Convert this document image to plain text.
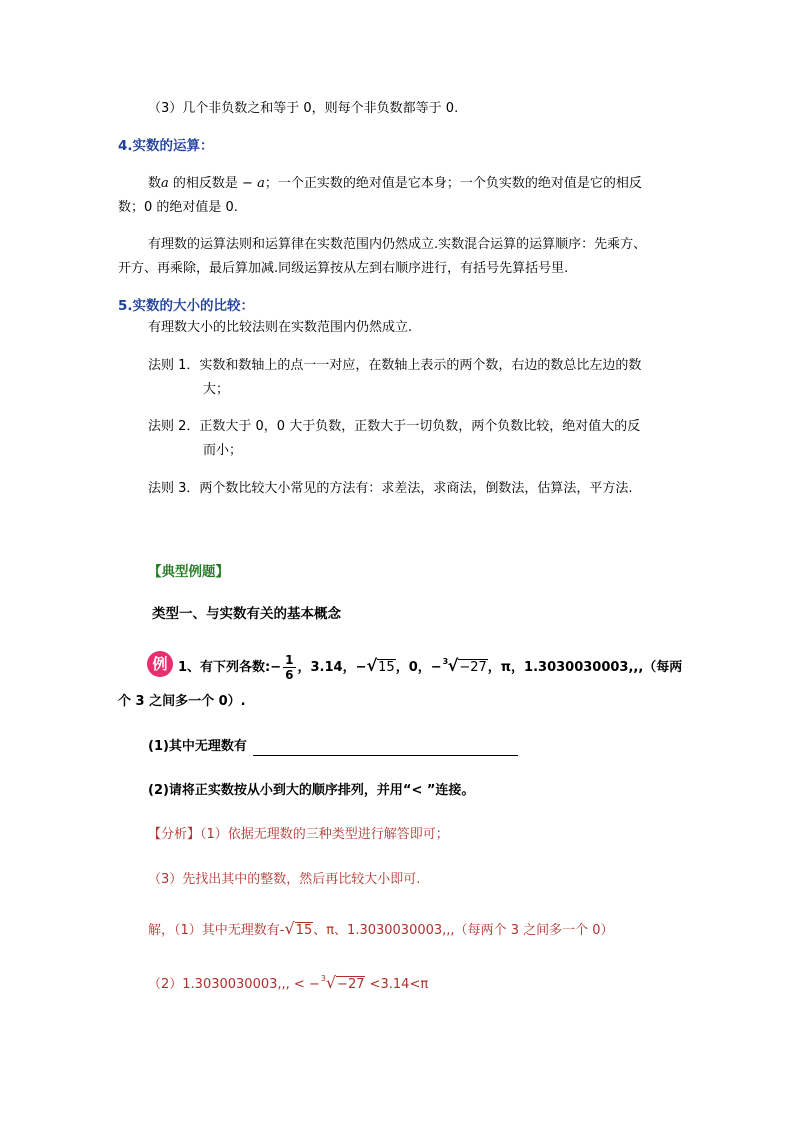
（3）几个非负数之和等于 0，则每个非负数都等于 0.
4.实数的运算：
数a 的相反数是 − a；一个正实数的绝对值是它本身；一个负实数的绝对值是它的相反
数；0 的绝对值是 0.
有理数的运算法则和运算律在实数范围内仍然成立.实数混合运算的运算顺序：先乘方、
开方、再乘除，最后算加减.同级运算按从左到右顺序进行，有括号先算括号里.
5.实数的大小的比较：
有理数大小的比较法则在实数范围内仍然成立.
法则 1．实数和数轴上的点一一对应，在数轴上表示的两个数，右边的数总比左边的数
大；
法则 2．正数大于 0，0 大于负数，正数大于一切负数，两个负数比较，绝对值大的反
而小；
法则 3．两个数比较大小常见的方法有：求差法，求商法，倒数法，估算法，平方法.
【典型例题】
类型一、与实数有关的基本概念
例 1、有下列各数:− $\frac{1}{6}$ ，3.14，−√15，0，− 3 √−27，π，1.3030030003,,,（每两
个 3 之间多一个 0）.
(1)其中无理数有
(2)请将正实数按从小到大的顺序排列，并用“< ”连接。
【分析】（1）依据无理数的三种类型进行解答即可；
（3）先找出其中的整数，然后再比较大小即可.
解，（1）其中无理数有-√15、π、1.3030030003,,,（每两个 3 之间多一个 0）
（2）1.3030030003,,, < − 3 √−27 <3.14<π
